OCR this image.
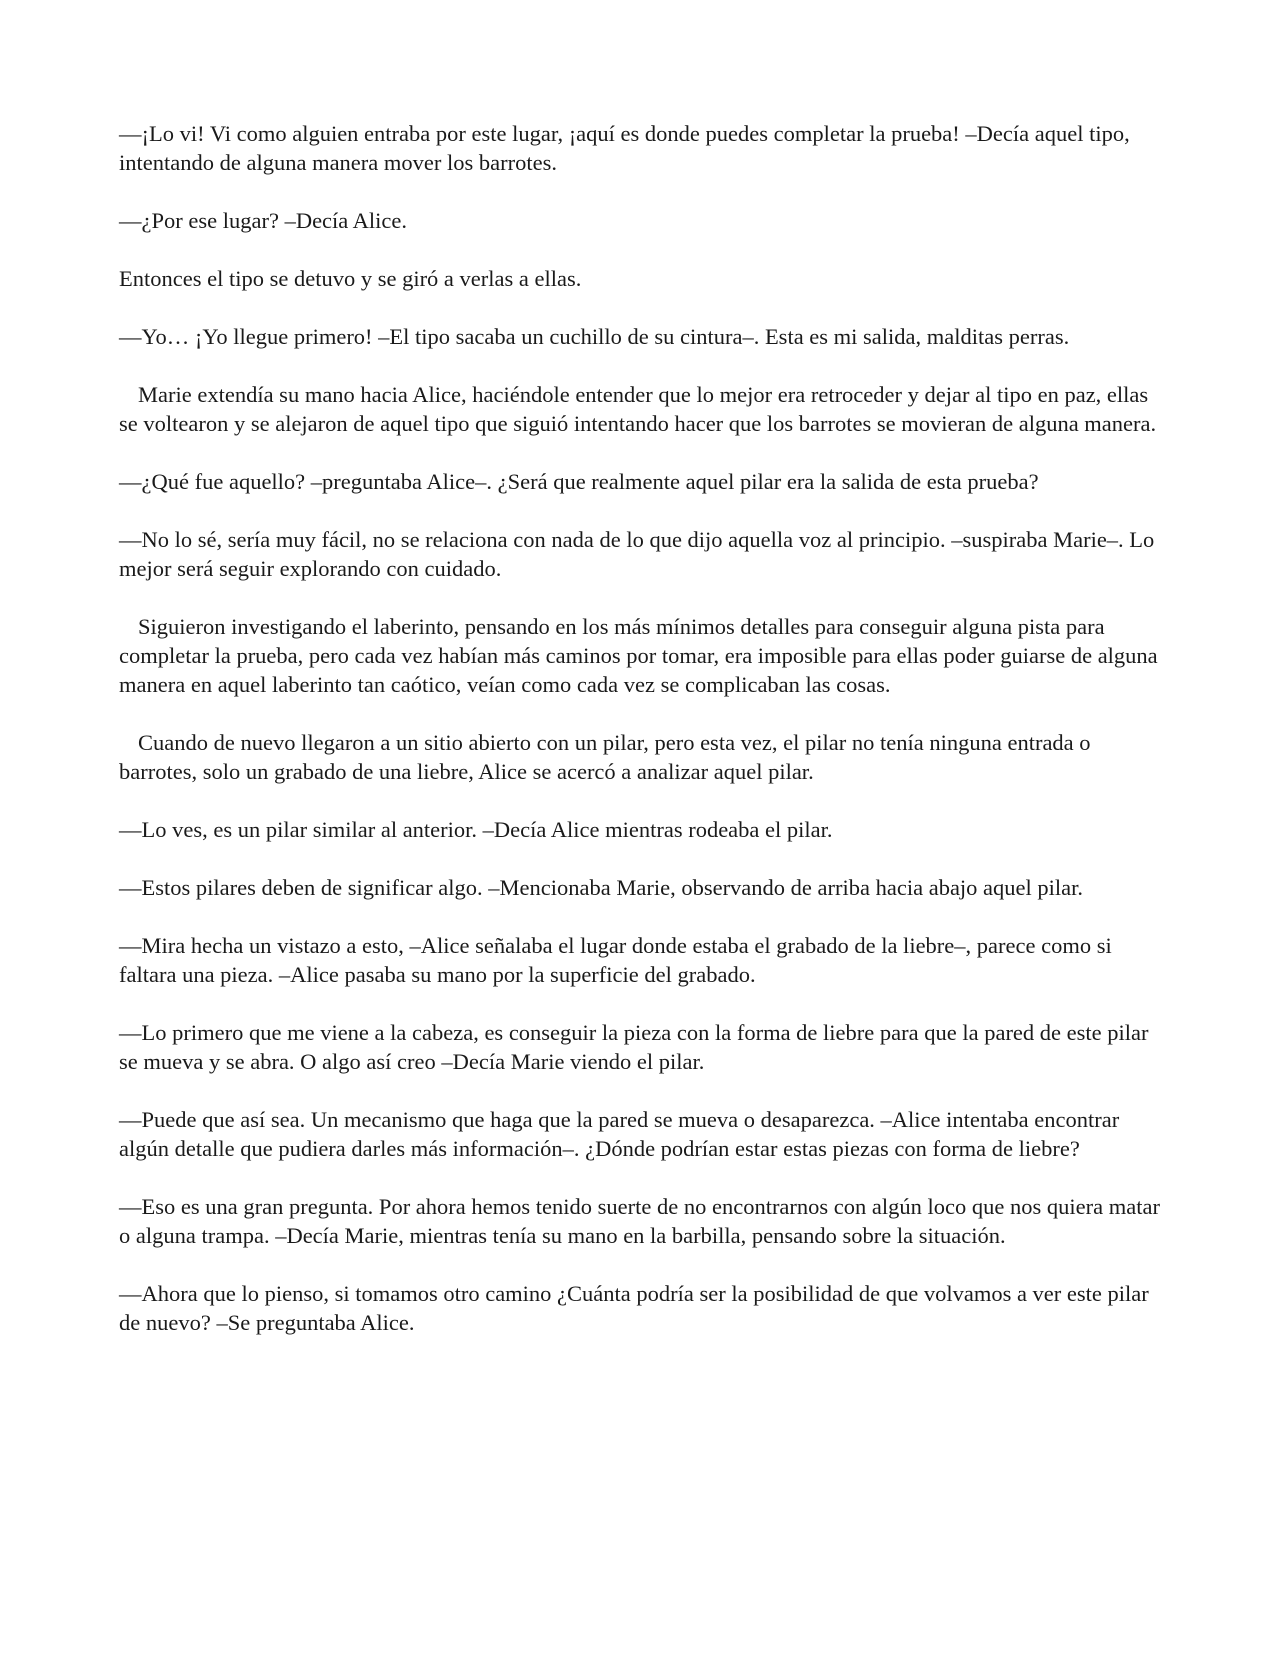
—¡Lo vi! Vi como alguien entraba por este lugar, ¡aquí es donde puedes completar la prueba! –Decía aquel tipo, intentando de alguna manera mover los barrotes.

—¿Por ese lugar? –Decía Alice.

Entonces el tipo se detuvo y se giró a verlas a ellas.

—Yo… ¡Yo llegue primero! –El tipo sacaba un cuchillo de su cintura–. Esta es mi salida, malditas perras.

Marie extendía su mano hacia Alice, haciéndole entender que lo mejor era retroceder y dejar al tipo en paz, ellas se voltearon y se alejaron de aquel tipo que siguió intentando hacer que los barrotes se movieran de alguna manera.

—¿Qué fue aquello? –preguntaba Alice–. ¿Será que realmente aquel pilar era la salida de esta prueba?

—No lo sé, sería muy fácil, no se relaciona con nada de lo que dijo aquella voz al principio. –suspiraba Marie–. Lo mejor será seguir explorando con cuidado.

Siguieron investigando el laberinto, pensando en los más mínimos detalles para conseguir alguna pista para completar la prueba, pero cada vez habían más caminos por tomar, era imposible para ellas poder guiarse de alguna manera en aquel laberinto tan caótico, veían como cada vez se complicaban las cosas.

Cuando de nuevo llegaron a un sitio abierto con un pilar, pero esta vez, el pilar no tenía ninguna entrada o barrotes, solo un grabado de una liebre, Alice se acercó a analizar aquel pilar.

—Lo ves, es un pilar similar al anterior. –Decía Alice mientras rodeaba el pilar.

—Estos pilares deben de significar algo. –Mencionaba Marie, observando de arriba hacia abajo aquel pilar.

—Mira hecha un vistazo a esto, –Alice señalaba el lugar donde estaba el grabado de la liebre–, parece como si faltara una pieza. –Alice pasaba su mano por la superficie del grabado.

—Lo primero que me viene a la cabeza, es conseguir la pieza con la forma de liebre para que la pared de este pilar se mueva y se abra. O algo así creo –Decía Marie viendo el pilar.

—Puede que así sea. Un mecanismo que haga que la pared se mueva o desaparezca. –Alice intentaba encontrar algún detalle que pudiera darles más información–. ¿Dónde podrían estar estas piezas con forma de liebre?

—Eso es una gran pregunta. Por ahora hemos tenido suerte de no encontrarnos con algún loco que nos quiera matar o alguna trampa. –Decía Marie, mientras tenía su mano en la barbilla, pensando sobre la situación.

—Ahora que lo pienso, si tomamos otro camino ¿Cuánta podría ser la posibilidad de que volvamos a ver este pilar de nuevo? –Se preguntaba Alice.
